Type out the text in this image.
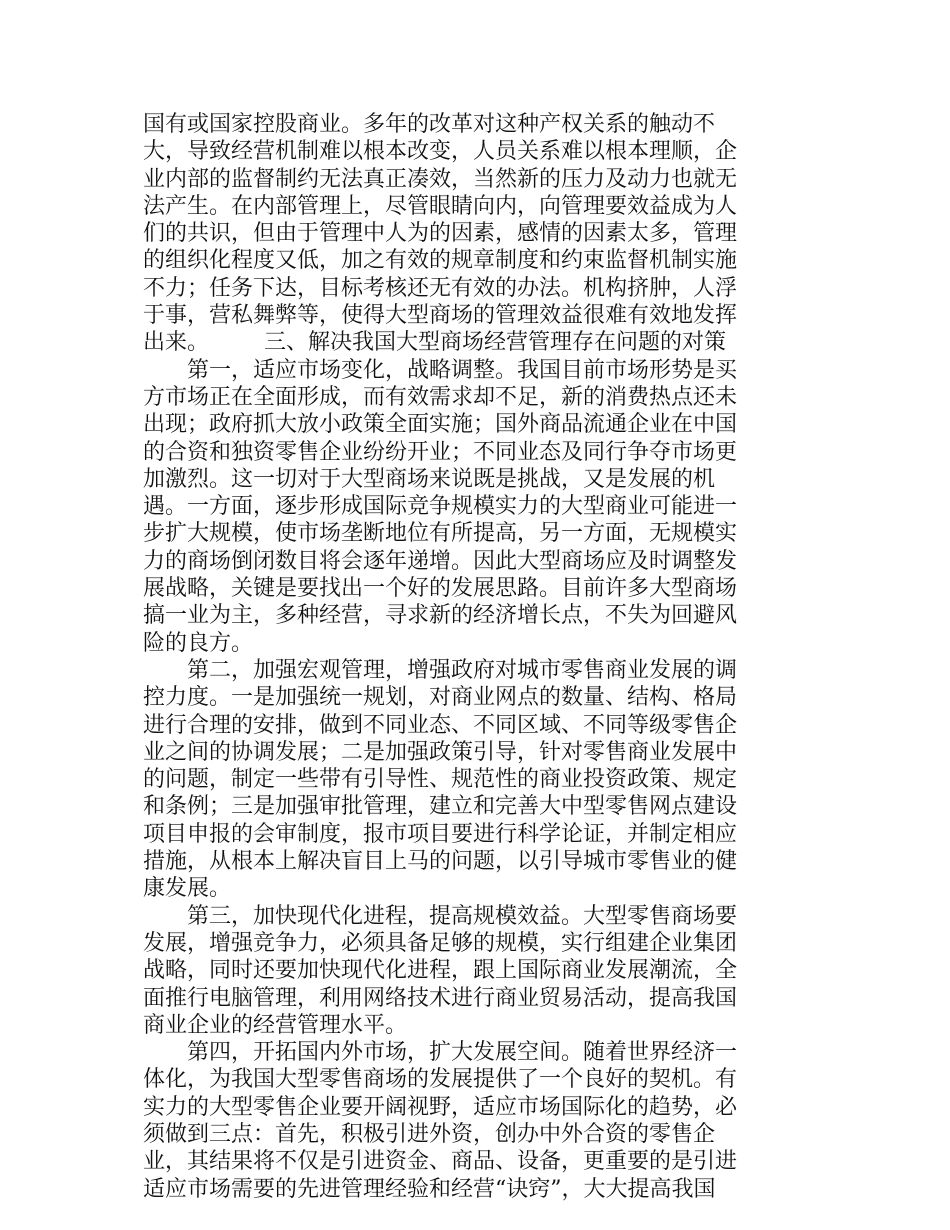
国有或国家控股商业。多年的改革对这种产权关系的触动不
大，导致经营机制难以根本改变，人员关系难以根本理顺，企
业内部的监督制约无法真正凑效，当然新的压力及动力也就无
法产生。在内部管理上，尽管眼睛向内，向管理要效益成为人
们的共识，但由于管理中人为的因素，感情的因素太多，管理
的组织化程度又低，加之有效的规章制度和约束监督机制实施
不力；任务下达，目标考核还无有效的办法。机构挤肿，人浮
于事，营私舞弊等，使得大型商场的管理效益很难有效地发挥
出来。　　　三、解决我国大型商场经营管理存在问题的对策
第一，适应市场变化，战略调整。我国目前市场形势是买
方市场正在全面形成，而有效需求却不足，新的消费热点还未
出现；政府抓大放小政策全面实施；国外商品流通企业在中国
的合资和独资零售企业纷纷开业；不同业态及同行争夺市场更
加激烈。这一切对于大型商场来说既是挑战，又是发展的机
遇。一方面，逐步形成国际竞争规模实力的大型商业可能进一
步扩大规模，使市场垄断地位有所提高，另一方面，无规模实
力的商场倒闭数目将会逐年递增。因此大型商场应及时调整发
展战略，关键是要找出一个好的发展思路。目前许多大型商场
搞一业为主，多种经营，寻求新的经济增长点，不失为回避风
险的良方。
第二，加强宏观管理，增强政府对城市零售商业发展的调
控力度。一是加强统一规划，对商业网点的数量、结构、格局
进行合理的安排，做到不同业态、不同区域、不同等级零售企
业之间的协调发展；二是加强政策引导，针对零售商业发展中
的问题，制定一些带有引导性、规范性的商业投资政策、规定
和条例；三是加强审批管理，建立和完善大中型零售网点建设
项目申报的会审制度，报市项目要进行科学论证，并制定相应
措施，从根本上解决盲目上马的问题，以引导城市零售业的健
康发展。
第三，加快现代化进程，提高规模效益。大型零售商场要
发展，增强竞争力，必须具备足够的规模，实行组建企业集团
战略，同时还要加快现代化进程，跟上国际商业发展潮流，全
面推行电脑管理，利用网络技术进行商业贸易活动，提高我国
商业企业的经营管理水平。
第四，开拓国内外市场，扩大发展空间。随着世界经济一
体化，为我国大型零售商场的发展提供了一个良好的契机。有
实力的大型零售企业要开阔视野，适应市场国际化的趋势，必
须做到三点：首先，积极引进外资，创办中外合资的零售企
业，其结果将不仅是引进资金、商品、设备，更重要的是引进
适应市场需要的先进管理经验和经营“诀窍”，大大提高我国
